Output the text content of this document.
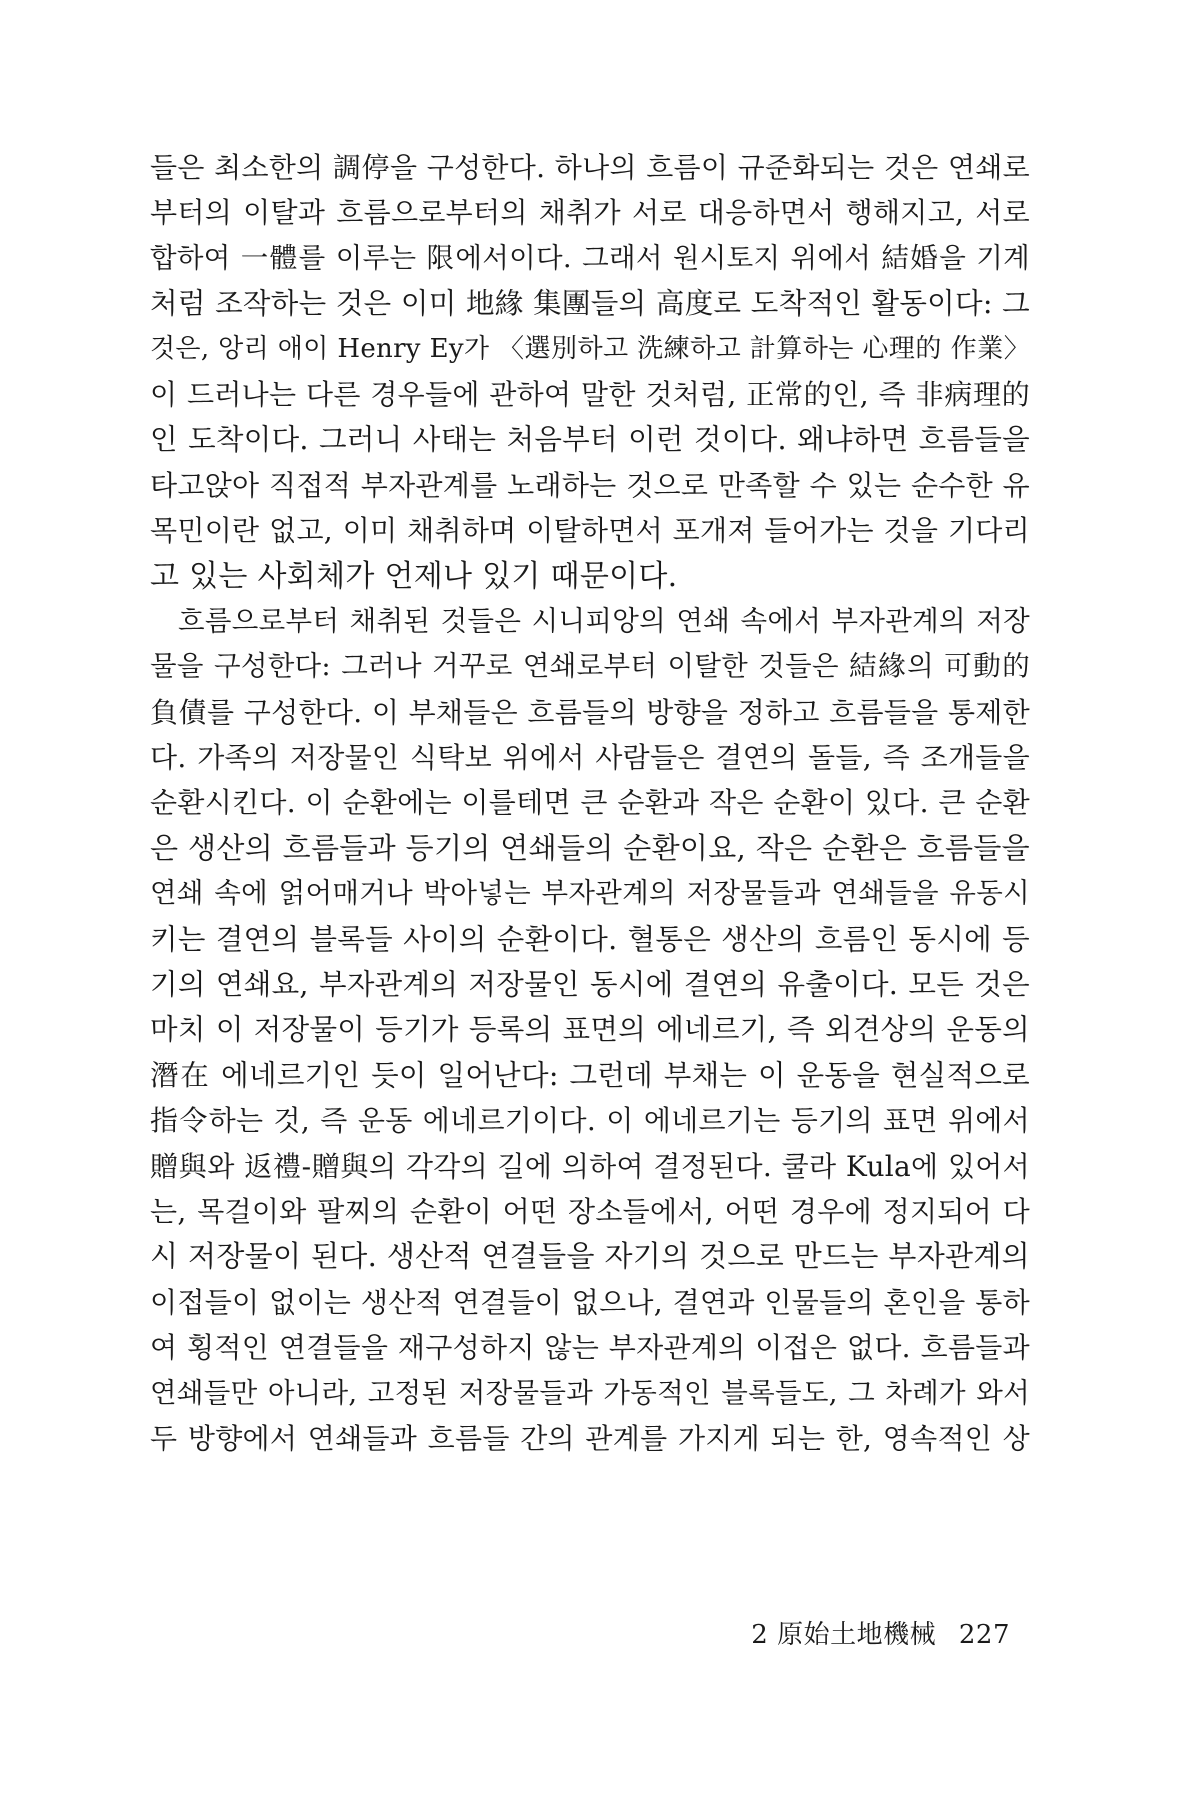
들은 최소한의 調停을 구성한다. 하나의 흐름이 규준화되는 것은 연쇄로
부터의 이탈과 흐름으로부터의 채취가 서로 대응하면서 행해지고, 서로
합하여 一體를 이루는 限에서이다. 그래서 원시토지 위에서 結婚을 기계
처럼 조작하는 것은 이미 地緣 集團들의 高度로 도착적인 활동이다: 그
것은, 앙리 애이 Henry Ey가 〈選別하고 洗練하고 計算하는 心理的 作業〉
이 드러나는 다른 경우들에 관하여 말한 것처럼, 正常的인, 즉 非病理的
인 도착이다. 그러니 사태는 처음부터 이런 것이다. 왜냐하면 흐름들을
타고앉아 직접적 부자관계를 노래하는 것으로 만족할 수 있는 순수한 유
목민이란 없고, 이미 채취하며 이탈하면서 포개져 들어가는 것을 기다리
고 있는 사회체가 언제나 있기 때문이다.
흐름으로부터 채취된 것들은 시니피앙의 연쇄 속에서 부자관계의 저장
물을 구성한다: 그러나 거꾸로 연쇄로부터 이탈한 것들은 結緣의 可動的
負債를 구성한다. 이 부채들은 흐름들의 방향을 정하고 흐름들을 통제한
다. 가족의 저장물인 식탁보 위에서 사람들은 결연의 돌들, 즉 조개들을
순환시킨다. 이 순환에는 이를테면 큰 순환과 작은 순환이 있다. 큰 순환
은 생산의 흐름들과 등기의 연쇄들의 순환이요, 작은 순환은 흐름들을
연쇄 속에 얽어매거나 박아넣는 부자관계의 저장물들과 연쇄들을 유동시
키는 결연의 블록들 사이의 순환이다. 혈통은 생산의 흐름인 동시에 등
기의 연쇄요, 부자관계의 저장물인 동시에 결연의 유출이다. 모든 것은
마치 이 저장물이 등기가 등록의 표면의 에네르기, 즉 외견상의 운동의
潛在 에네르기인 듯이 일어난다: 그런데 부채는 이 운동을 현실적으로
指令하는 것, 즉 운동 에네르기이다. 이 에네르기는 등기의 표면 위에서
贈與와 返禮-贈與의 각각의 길에 의하여 결정된다. 쿨라 Kula에 있어서
는, 목걸이와 팔찌의 순환이 어떤 장소들에서, 어떤 경우에 정지되어 다
시 저장물이 된다. 생산적 연결들을 자기의 것으로 만드는 부자관계의
이접들이 없이는 생산적 연결들이 없으나, 결연과 인물들의 혼인을 통하
여 횡적인 연결들을 재구성하지 않는 부자관계의 이접은 없다. 흐름들과
연쇄들만 아니라, 고정된 저장물들과 가동적인 블록들도, 그 차례가 와서
두 방향에서 연쇄들과 흐름들 간의 관계를 가지게 되는 한, 영속적인 상
2 原始土地機械 227
